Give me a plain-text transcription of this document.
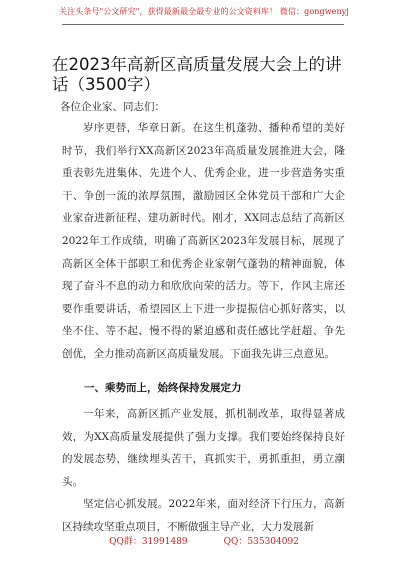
关注头条号"公文研究"，获得最新最全最专业的公文资料库！ 微信：gongwenyj
在2023年高新区高质量发展大会上的讲话（3500字）
各位企业家、同志们：

岁序更替，华章日新。在这生机蓬勃、播种希望的美好时节，我们举行XX高新区2023年高质量发展推进大会，隆重表彰先进集体、先进个人、优秀企业，进一步营造务实重干、争创一流的浓厚氛围，激励园区全体党员干部和广大企业家奋进新征程、建功新时代。刚才，XX同志总结了高新区2022年工作成绩，明确了高新区2023年发展目标，展现了高新区全体干部职工和优秀企业家朝气蓬勃的精神面貌，体现了奋斗不息的动力和欣欣向荣的活力。等下，作风主席还要作重要讲话，希望园区上下进一步提振信心抓好落实，以坐不住、等不起、慢不得的紧迫感和责任感比学赶超、争先创优，全力推动高新区高质量发展。下面我先讲三点意见。

一、乘势而上，始终保持发展定力

一年来，高新区抓产业发展，抓机制改革，取得显著成效，为XX高质量发展提供了强力支撑。我们要始终保持良好的发展态势，继续埋头苦干，真抓实干，勇抓重担，勇立潮头。

坚定信心抓发展。2022年来，面对经济下行压力，高新区持续攻坚重点项目，不断做强主导产业，大力发展新

QQ群：31991489	QQ：535304092
